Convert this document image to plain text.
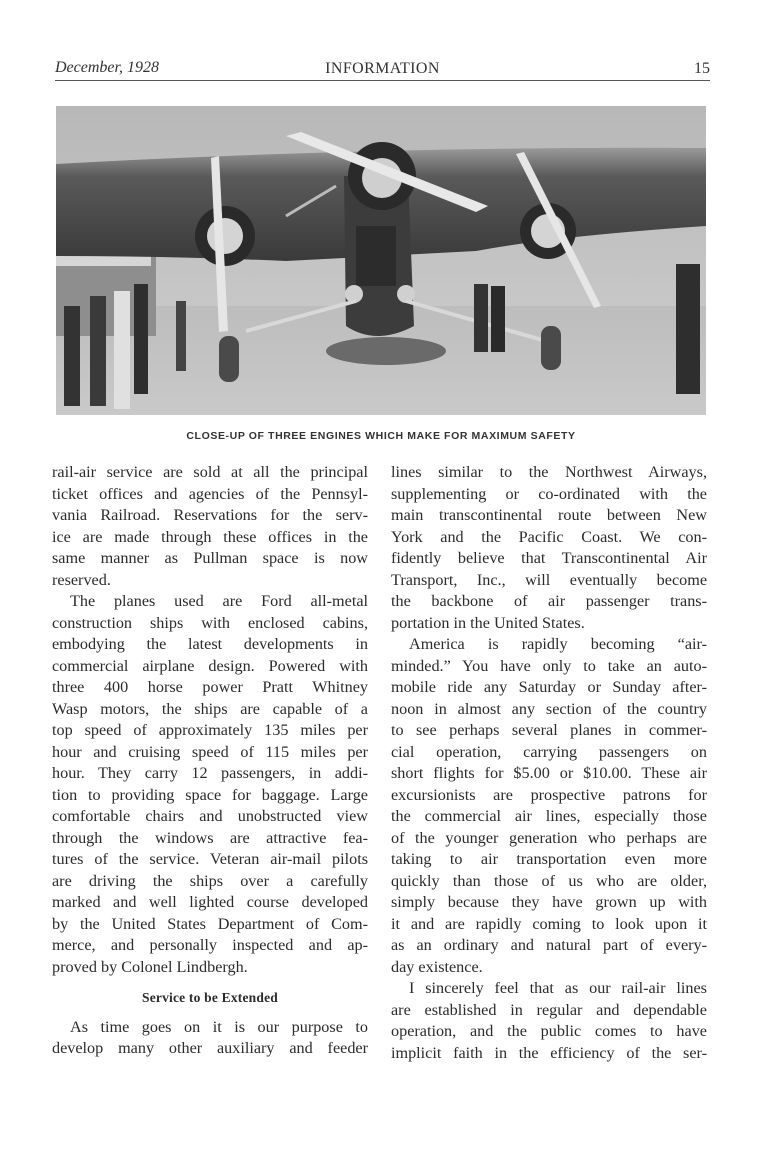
December, 1928	INFORMATION	15
CLOSE-UP OF THREE ENGINES WHICH MAKE FOR MAXIMUM SAFETY

rail-air service are sold at all the principal
ticket offices and agencies of the Pennsyl-
vania Railroad. Reservations for the serv-
ice are made through these offices in the
same manner as Pullman space is now
reserved.

The planes used are Ford all-metal
construction ships with enclosed cabins,
embodying the latest developments in
commercial airplane design. Powered with
three 400 horse power Pratt Whitney
Wasp motors, the ships are capable of a
top speed of approximately 135 miles per
hour and cruising speed of 115 miles per
hour. They carry 12 passengers, in addi-
tion to providing space for baggage. Large
comfortable chairs and unobstructed view
through the windows are attractive fea-
tures of the service. Veteran air-mail pilots
are driving the ships over a carefully
marked and well lighted course developed
by the United States Department of Com-
merce, and personally inspected and ap-
proved by Colonel Lindbergh.

Service to be Extended

As time goes on it is our purpose to
develop many other auxiliary and feeder

lines similar to the Northwest Airways,
supplementing or co-ordinated with the
main transcontinental route between New
York and the Pacific Coast. We con-
fidently believe that Transcontinental Air
Transport, Inc., will eventually become
the backbone of air passenger trans-
portation in the United States.

America is rapidly becoming “air-
minded.” You have only to take an auto-
mobile ride any Saturday or Sunday after-
noon in almost any section of the country
to see perhaps several planes in commer-
cial operation, carrying passengers on
short flights for $5.00 or $10.00. These air
excursionists are prospective patrons for
the commercial air lines, especially those
of the younger generation who perhaps are
taking to air transportation even more
quickly than those of us who are older,
simply because they have grown up with
it and are rapidly coming to look upon it
as an ordinary and natural part of every-
day existence.

I sincerely feel that as our rail-air lines
are established in regular and dependable
operation, and the public comes to have
implicit faith in the efficiency of the ser-
